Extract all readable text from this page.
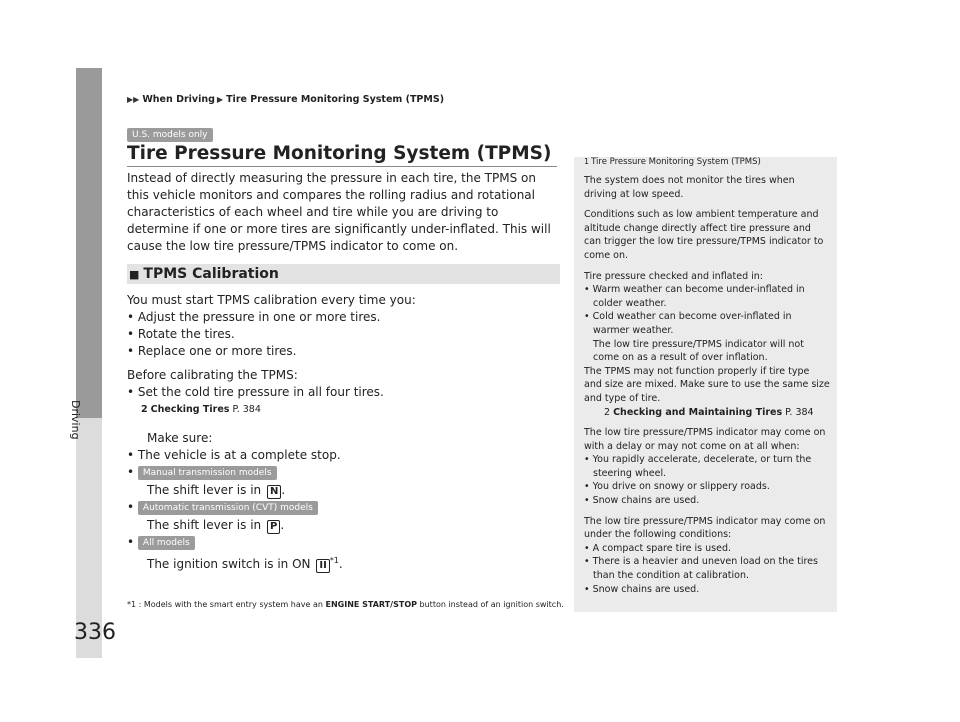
Driving
336
▶▶ When Driving ▶ Tire Pressure Monitoring System (TPMS)
U.S. models only
Tire Pressure Monitoring System (TPMS)
Instead of directly measuring the pressure in each tire, the TPMS on this vehicle monitors and compares the rolling radius and rotational characteristics of each wheel and tire while you are driving to determine if one or more tires are significantly under-inflated. This will cause the low tire pressure/TPMS indicator to come on.
■ TPMS Calibration
You must start TPMS calibration every time you:
• Adjust the pressure in one or more tires.
• Rotate the tires.
• Replace one or more tires.
Before calibrating the TPMS:
• Set the cold tire pressure in all four tires.
2 Checking Tires P. 384
Make sure:
• The vehicle is at a complete stop.
• Manual transmission models
The shift lever is in N .
• Automatic transmission (CVT) models
The shift lever is in P .
• All models
The ignition switch is in ON II $^{*1}$.
*1 : Models with the smart entry system have an ENGINE START/STOP button instead of an ignition switch.
1 Tire Pressure Monitoring System (TPMS)

The system does not monitor the tires when driving at low speed.

Conditions such as low ambient temperature and altitude change directly affect tire pressure and can trigger the low tire pressure/TPMS indicator to come on.

Tire pressure checked and inflated in:

• Warm weather can become under-inflated in colder weather.

• Cold weather can become over-inflated in warmer weather.

The low tire pressure/TPMS indicator will not come on as a result of over inflation.

The TPMS may not function properly if tire type and size are mixed. Make sure to use the same size and type of tire.

2 Checking and Maintaining Tires P. 384

The low tire pressure/TPMS indicator may come on with a delay or may not come on at all when:

• You rapidly accelerate, decelerate, or turn the steering wheel.

• You drive on snowy or slippery roads.

• Snow chains are used.

The low tire pressure/TPMS indicator may come on under the following conditions:

• A compact spare tire is used.

• There is a heavier and uneven load on the tires than the condition at calibration.

• Snow chains are used.
